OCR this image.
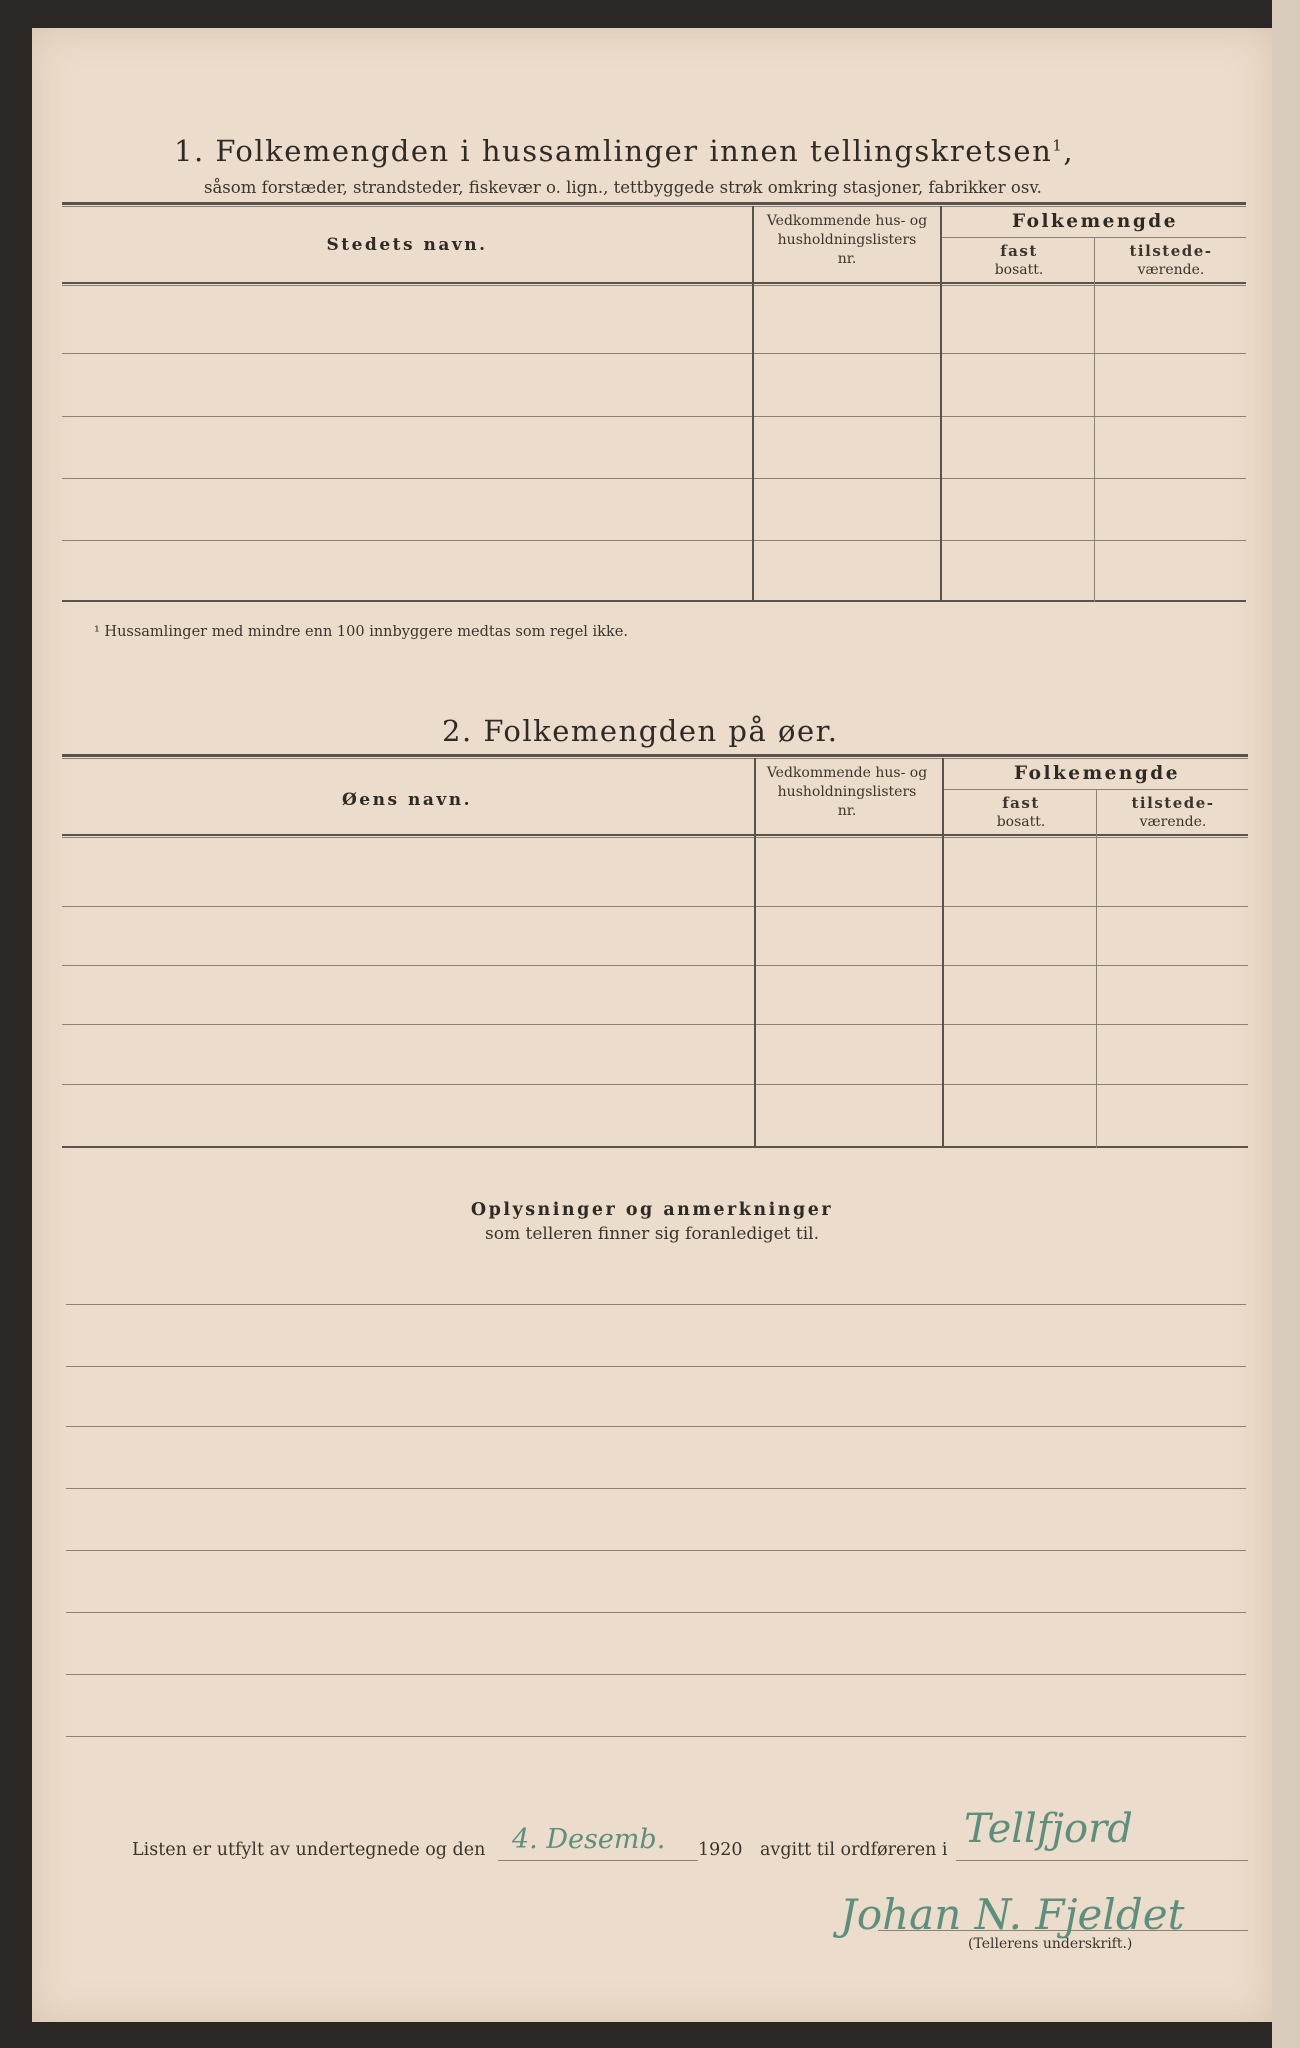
1. Folkemengden i hussamlinger innen tellingskretsen$^1$,
såsom forstæder, strandsteder, fiskevær o. lign., tettbyggede strøk omkring stasjoner, fabrikker osv.
Stedets navn.
Vedkommende hus- og
husholdningslisters
nr.
Folkemengde
fast
bosatt.
tilstede-
værende.
¹ Hussamlinger med mindre enn 100 innbyggere medtas som regel ikke.
2. Folkemengden på øer.
Øens navn.
Vedkommende hus- og
husholdningslisters
nr.
Folkemengde
fast
bosatt.
tilstede-
værende.
Oplysninger og anmerkninger
som telleren finner sig foranlediget til.
Listen er utfylt av undertegnede og den 4. Desemb. 1920 avgitt til ordføreren i Tellfjord
Johan N. Fjeldet
(Tellerens underskrift.)
